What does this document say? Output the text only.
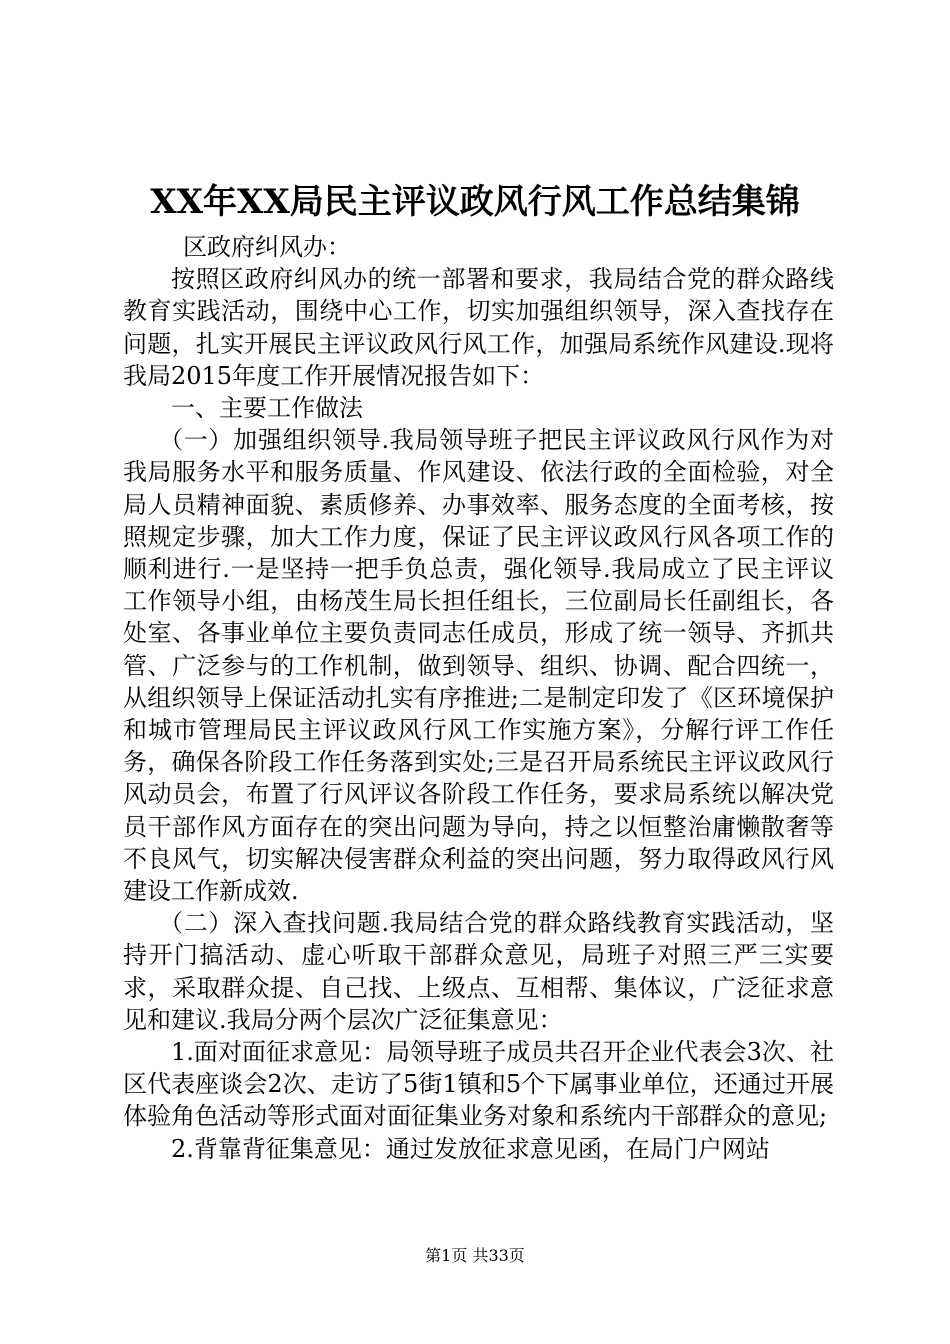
XX年XX局民主评议政风行风工作总结集锦

区政府纠风办：

按照区政府纠风办的统一部署和要求，我局结合党的群众路线教育实践活动，围绕中心工作，切实加强组织领导，深入查找存在问题，扎实开展民主评议政风行风工作，加强局系统作风建设.现将我局2015年度工作开展情况报告如下：

一、主要工作做法

（一）加强组织领导.我局领导班子把民主评议政风行风作为对我局服务水平和服务质量、作风建设、依法行政的全面检验，对全局人员精神面貌、素质修养、办事效率、服务态度的全面考核，按照规定步骤，加大工作力度，保证了民主评议政风行风各项工作的顺利进行.一是坚持一把手负总责，强化领导.我局成立了民主评议工作领导小组，由杨茂生局长担任组长，三位副局长任副组长，各处室、各事业单位主要负责同志任成员，形成了统一领导、齐抓共管、广泛参与的工作机制，做到领导、组织、协调、配合四统一，从组织领导上保证活动扎实有序推进;二是制定印发了《区环境保护和城市管理局民主评议政风行风工作实施方案》，分解行评工作任务，确保各阶段工作任务落到实处;三是召开局系统民主评议政风行风动员会，布置了行风评议各阶段工作任务，要求局系统以解决党员干部作风方面存在的突出问题为导向，持之以恒整治庸懒散奢等不良风气，切实解决侵害群众利益的突出问题，努力取得政风行风建设工作新成效.

（二）深入查找问题.我局结合党的群众路线教育实践活动，坚持开门搞活动、虚心听取干部群众意见，局班子对照三严三实要求，采取群众提、自己找、上级点、互相帮、集体议，广泛征求意见和建议.我局分两个层次广泛征集意见：

1.面对面征求意见：局领导班子成员共召开企业代表会3次、社区代表座谈会2次、走访了5街1镇和5个下属事业单位，还通过开展体验角色活动等形式面对面征集业务对象和系统内干部群众的意见;

2.背靠背征集意见：通过发放征求意见函，在局门户网站

第1页 共33页
